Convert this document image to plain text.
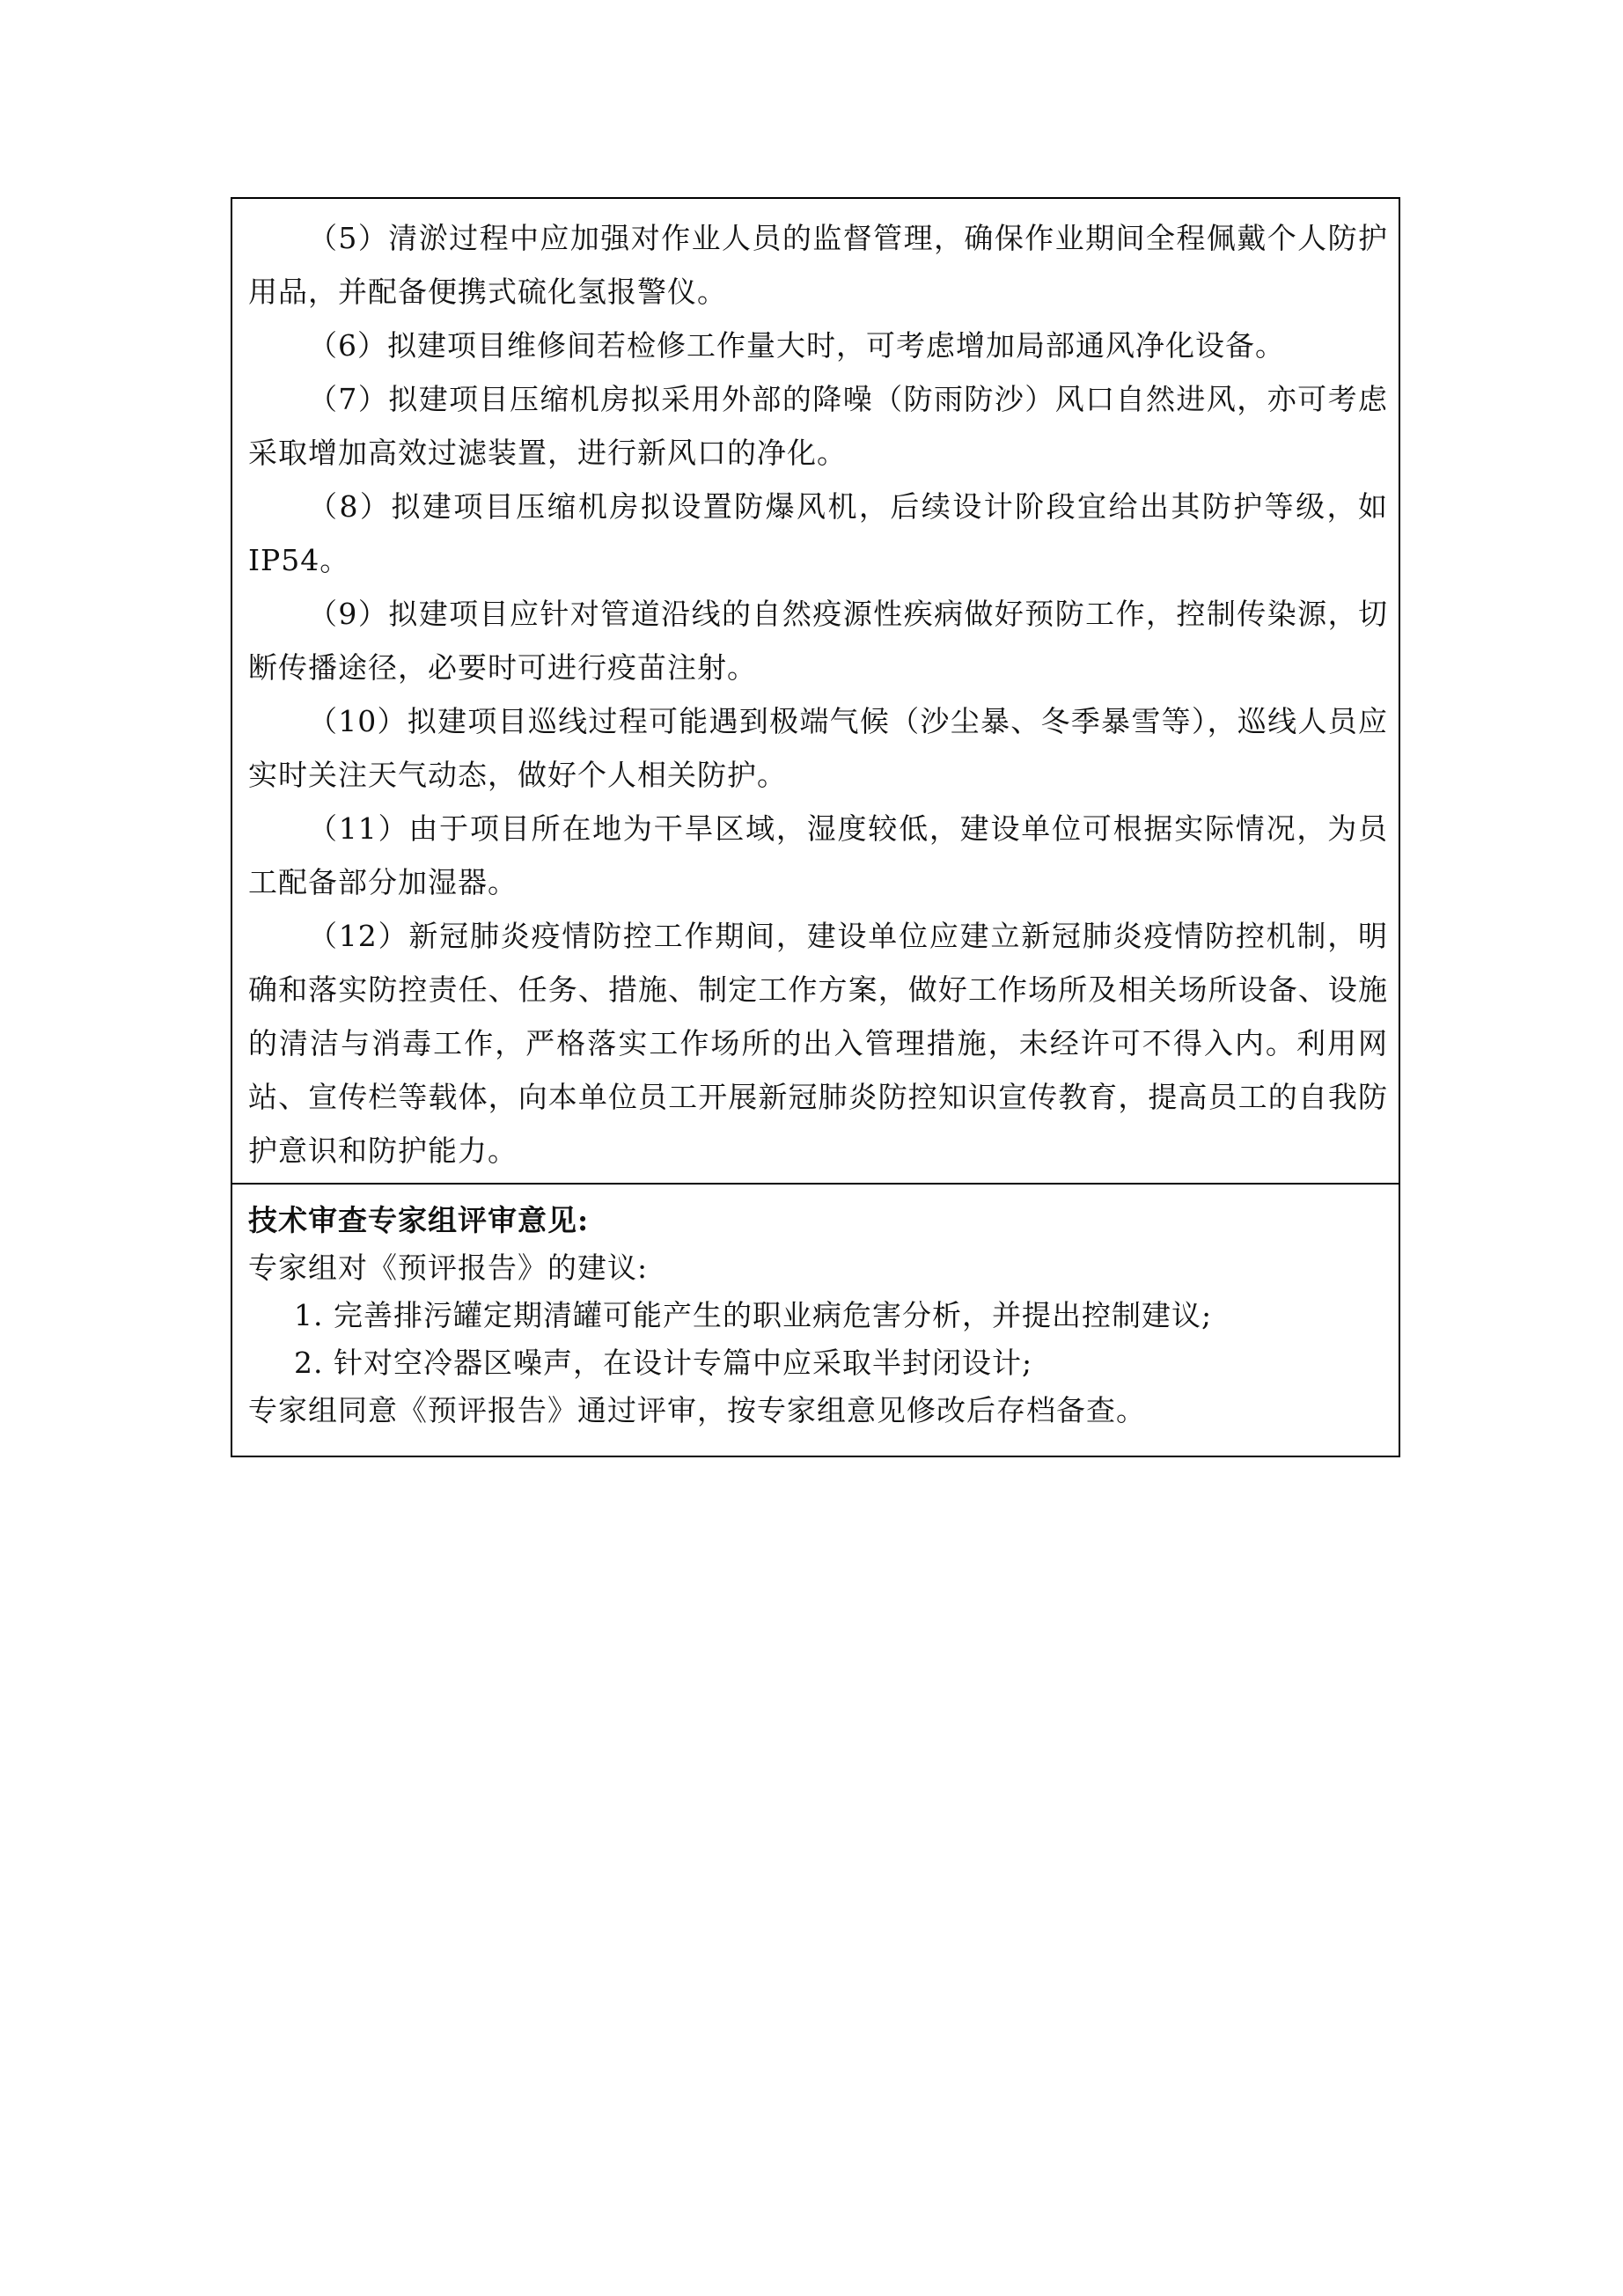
（5）清淤过程中应加强对作业人员的监督管理，确保作业期间全程佩戴个人防护用品，并配备便携式硫化氢报警仪。

（6）拟建项目维修间若检修工作量大时，可考虑增加局部通风净化设备。

（7）拟建项目压缩机房拟采用外部的降噪（防雨防沙）风口自然进风，亦可考虑采取增加高效过滤装置，进行新风口的净化。

（8）拟建项目压缩机房拟设置防爆风机，后续设计阶段宜给出其防护等级，如IP54。

（9）拟建项目应针对管道沿线的自然疫源性疾病做好预防工作，控制传染源，切断传播途径，必要时可进行疫苗注射。

（10）拟建项目巡线过程可能遇到极端气候（沙尘暴、冬季暴雪等），巡线人员应实时关注天气动态，做好个人相关防护。

（11）由于项目所在地为干旱区域，湿度较低，建设单位可根据实际情况，为员工配备部分加湿器。

（12）新冠肺炎疫情防控工作期间，建设单位应建立新冠肺炎疫情防控机制，明确和落实防控责任、任务、措施、制定工作方案，做好工作场所及相关场所设备、设施的清洁与消毒工作，严格落实工作场所的出入管理措施，未经许可不得入内。利用网站、宣传栏等载体，向本单位员工开展新冠肺炎防控知识宣传教育，提高员工的自我防护意识和防护能力。

技术审查专家组评审意见:

专家组对《预评报告》的建议:

1. 完善排污罐定期清罐可能产生的职业病危害分析，并提出控制建议;

2. 针对空冷器区噪声，在设计专篇中应采取半封闭设计;

专家组同意《预评报告》通过评审，按专家组意见修改后存档备查。
